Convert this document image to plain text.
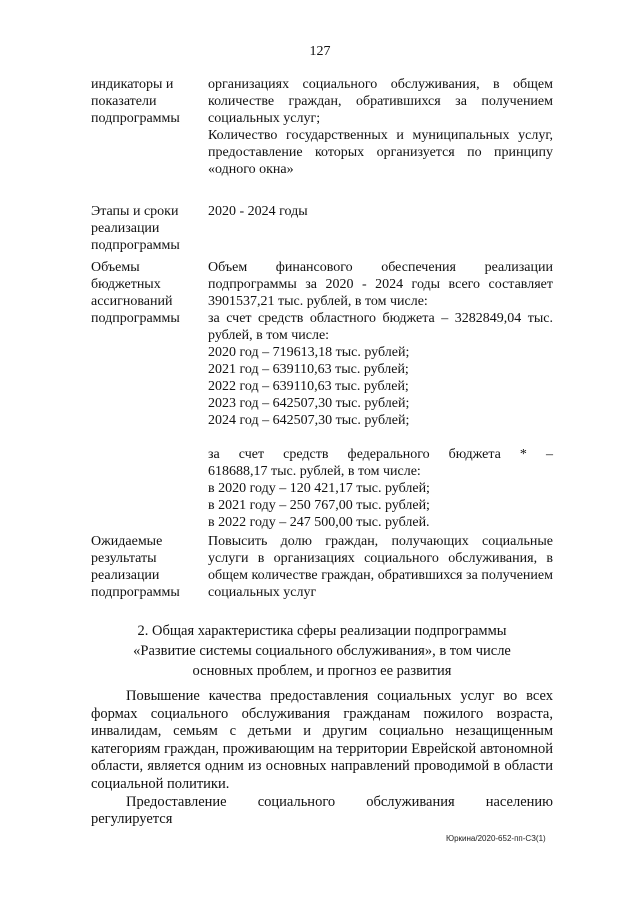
127
индикаторы и показатели подпрограммы

организациях социального обслуживания, в общем количестве граждан, обратившихся за получением социальных услуг;

Количество государственных и муниципальных услуг, предоставление которых организуется по принципу «одного окна»

Этапы и сроки реализации подпрограммы

2020 - 2024 годы

Объемы бюджетных ассигнований подпрограммы

Объем финансового обеспечения реализации подпрограммы за 2020 - 2024 годы всего составляет 3901537,21 тыс. рублей, в том числе:

за счет средств областного бюджета – 3282849,04 тыс. рублей, в том числе:

2020 год – 719613,18 тыс. рублей;

2021 год – 639110,63 тыс. рублей;

2022 год – 639110,63 тыс. рублей;

2023 год – 642507,30 тыс. рублей;

2024 год – 642507,30 тыс. рублей;

за счет средств федерального бюджета * –

618688,17 тыс. рублей, в том числе:

в 2020 году – 120 421,17 тыс. рублей;

в 2021 году – 250 767,00 тыс. рублей;

в 2022 году – 247 500,00 тыс. рублей.

Ожидаемые результаты реализации подпрограммы

Повысить долю граждан, получающих социальные услуги в организациях социального обслуживания, в общем количестве граждан, обратившихся за получением социальных услуг

2. Общая характеристика сферы реализации подпрограммы
«Развитие системы социального обслуживания», в том числе
основных проблем, и прогноз ее развития

Повышение качества предоставления социальных услуг во всех формах социального обслуживания гражданам пожилого возраста, инвалидам, семьям с детьми и другим социально незащищенным категориям граждан, проживающим на территории Еврейской автономной области, является одним из основных направлений проводимой в области социальной политики.

Предоставление социального обслуживания населению регулируется

Юркина/2020-652-пп-СЗ(1)
